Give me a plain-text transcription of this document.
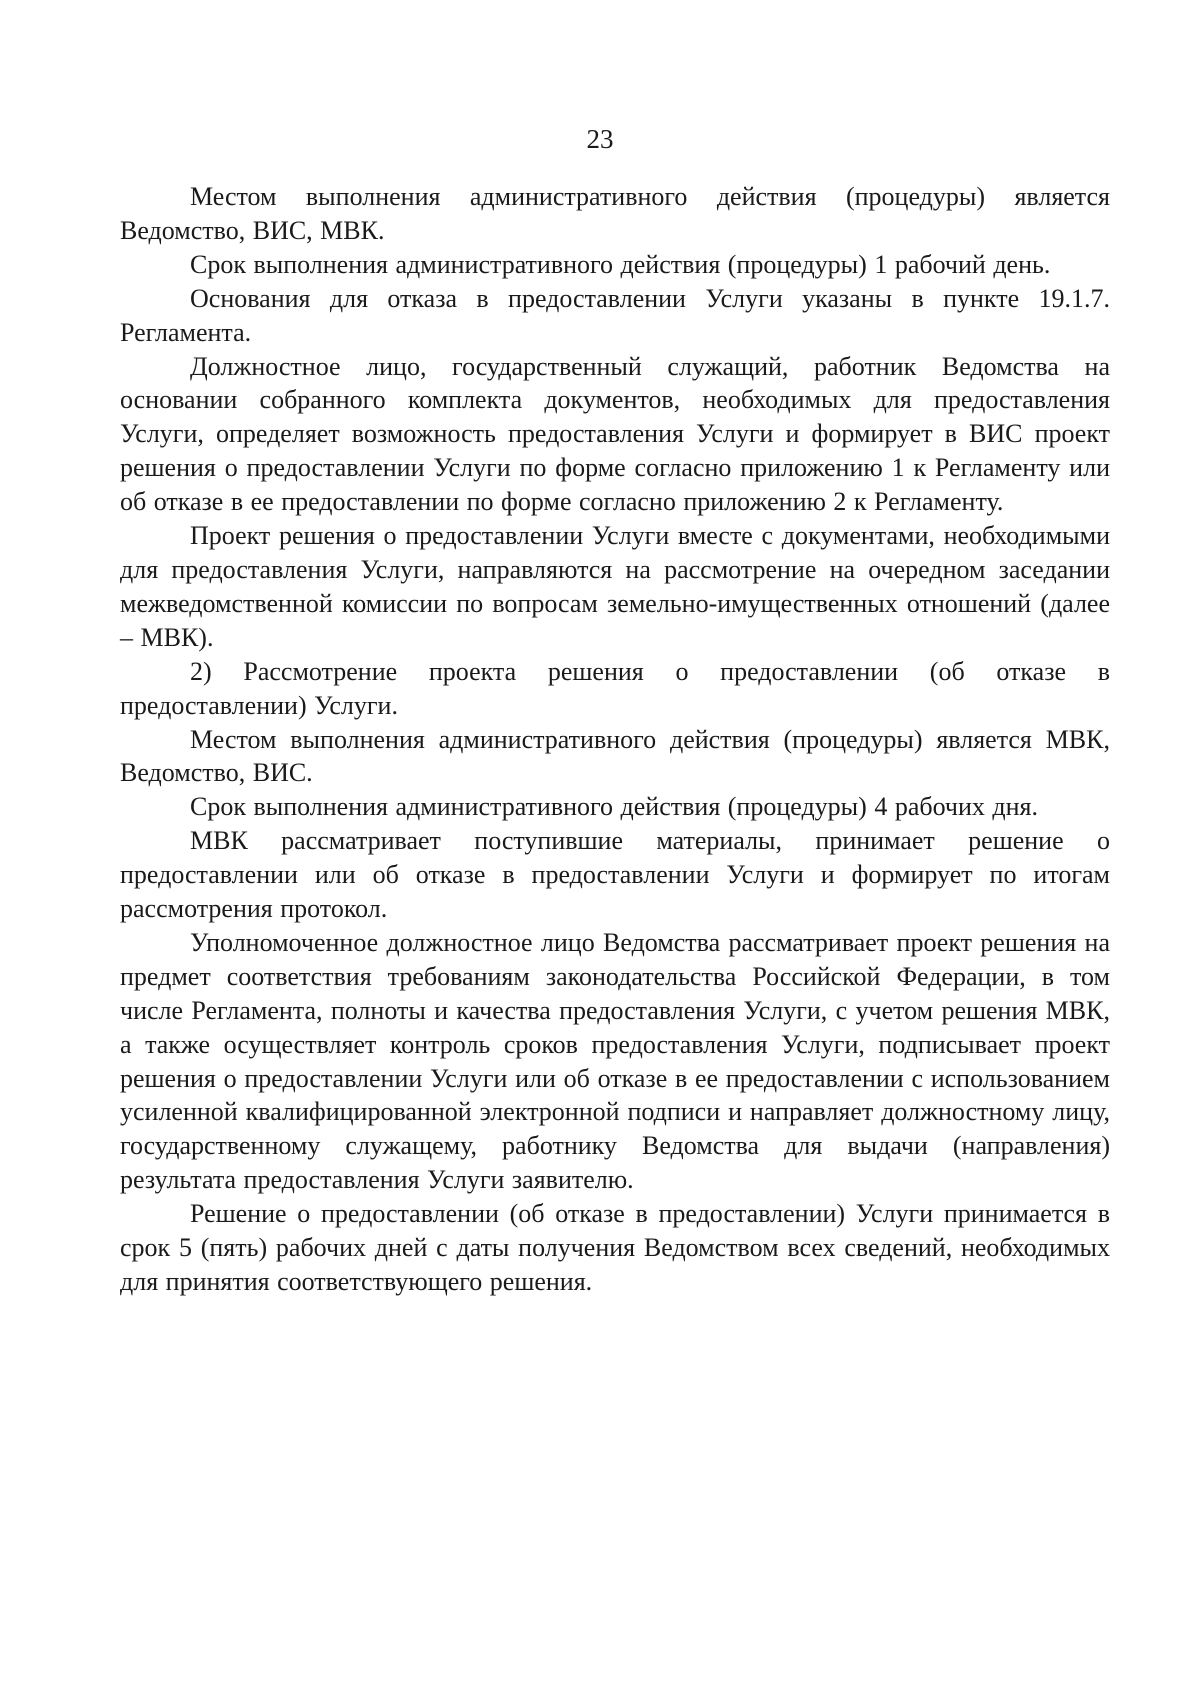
23

Местом выполнения административного действия (процедуры) является Ведомство, ВИС, МВК.

Срок выполнения административного действия (процедуры) 1 рабочий день.

Основания для отказа в предоставлении Услуги указаны в пункте 19.1.7. Регламента.

Должностное лицо, государственный служащий, работник Ведомства на основании собранного комплекта документов, необходимых для предоставления Услуги, определяет возможность предоставления Услуги и формирует в ВИС проект решения о предоставлении Услуги по форме согласно приложению 1 к Регламенту или об отказе в ее предоставлении по форме согласно приложению 2 к Регламенту.

Проект решения о предоставлении Услуги вместе с документами, необходимыми для предоставления Услуги, направляются на рассмотрение на очередном заседании межведомственной комиссии по вопросам земельно-имущественных отношений (далее – МВК).

2) Рассмотрение проекта решения о предоставлении (об отказе в предоставлении) Услуги.

Местом выполнения административного действия (процедуры) является МВК, Ведомство, ВИС.

Срок выполнения административного действия (процедуры) 4 рабочих дня.

МВК рассматривает поступившие материалы, принимает решение о предоставлении или об отказе в предоставлении Услуги и формирует по итогам рассмотрения протокол.

Уполномоченное должностное лицо Ведомства рассматривает проект решения на предмет соответствия требованиям законодательства Российской Федерации, в том числе Регламента, полноты и качества предоставления Услуги, с учетом решения МВК, а также осуществляет контроль сроков предоставления Услуги, подписывает проект решения о предоставлении Услуги или об отказе в ее предоставлении с использованием усиленной квалифицированной электронной подписи и направляет должностному лицу, государственному служащему, работнику Ведомства для выдачи (направления) результата предоставления Услуги заявителю.

Решение о предоставлении (об отказе в предоставлении) Услуги принимается в срок 5 (пять) рабочих дней с даты получения Ведомством всех сведений, необходимых для принятия соответствующего решения.
